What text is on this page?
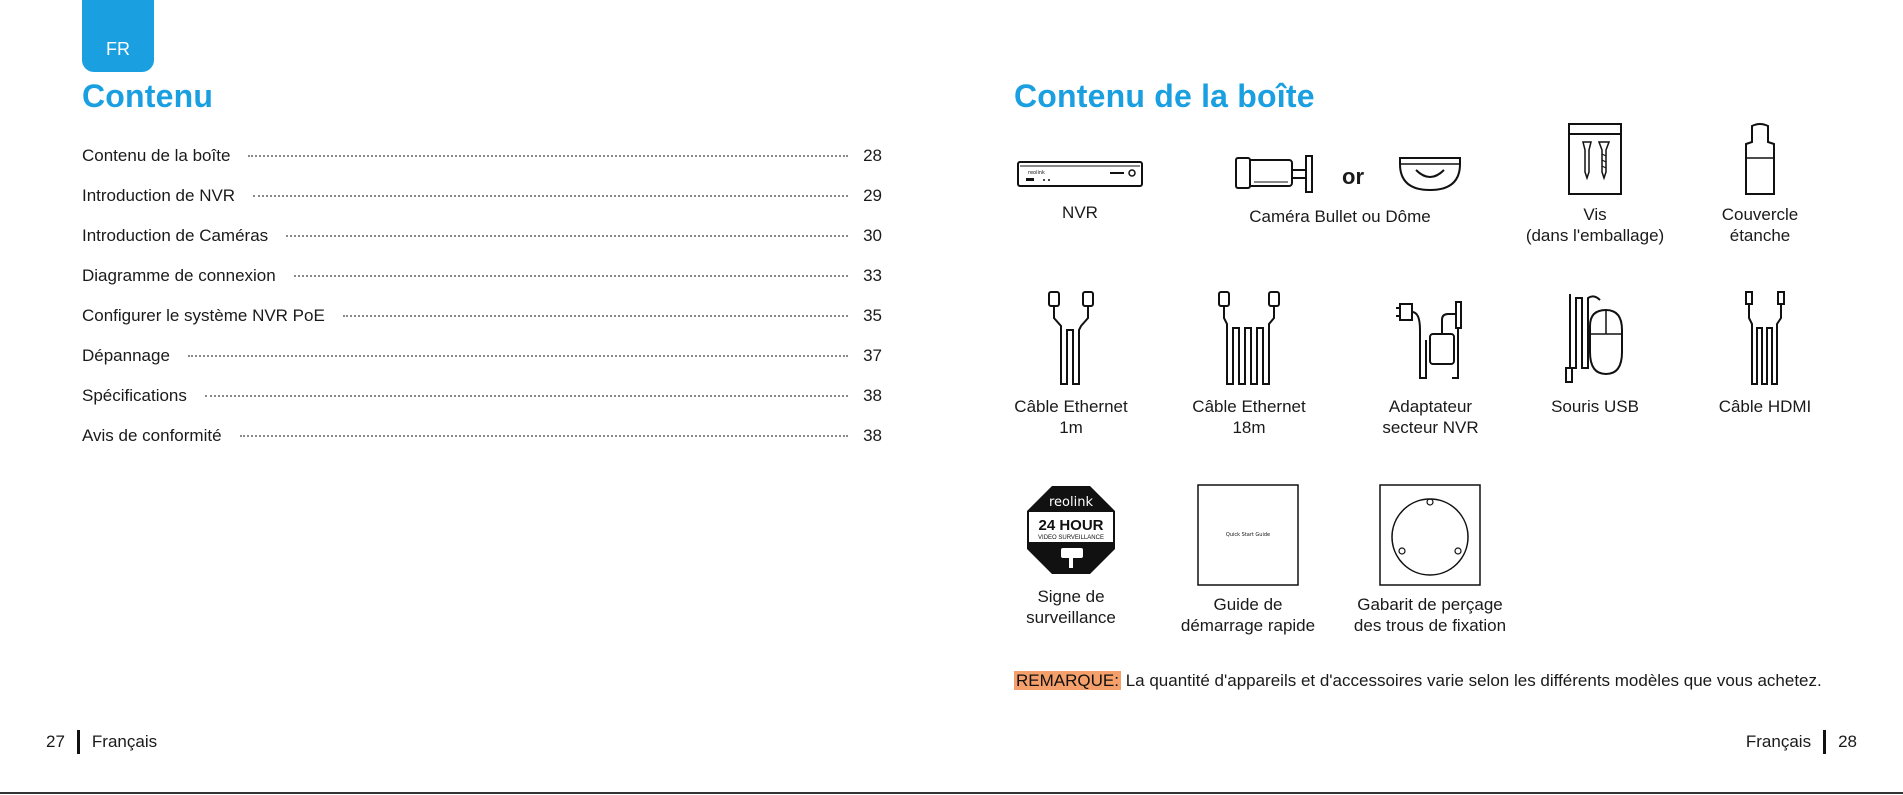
FR
Contenu	Contenu de la boîte
Contenu de la boîte	28
Introduction de NVR	29
Introduction de Caméras	30
Diagramme de connexion	33
Configurer le système NVR PoE	35
Dépannage	37
Spécifications	38
Avis de conformité	38
reolink
NVR	Caméra Bullet ou Dôme
or
Vis
(dans l'emballage)
Couvercle
étanche
Câble Ethernet
1m
Câble Ethernet
18m
Adaptateur
secteur NVR
Souris USB	Câble HDMI
reolink
24 HOUR
VIDEO SURVEILLANCE
Signe de
surveillance
Quick Start Guide
Guide de
démarrage rapide
Gabarit de perçage
des trous de fixation
REMARQUE: La quantité d'appareils et d'accessoires varie selon les différents modèles que vous achetez.
27 Français	Français 28
